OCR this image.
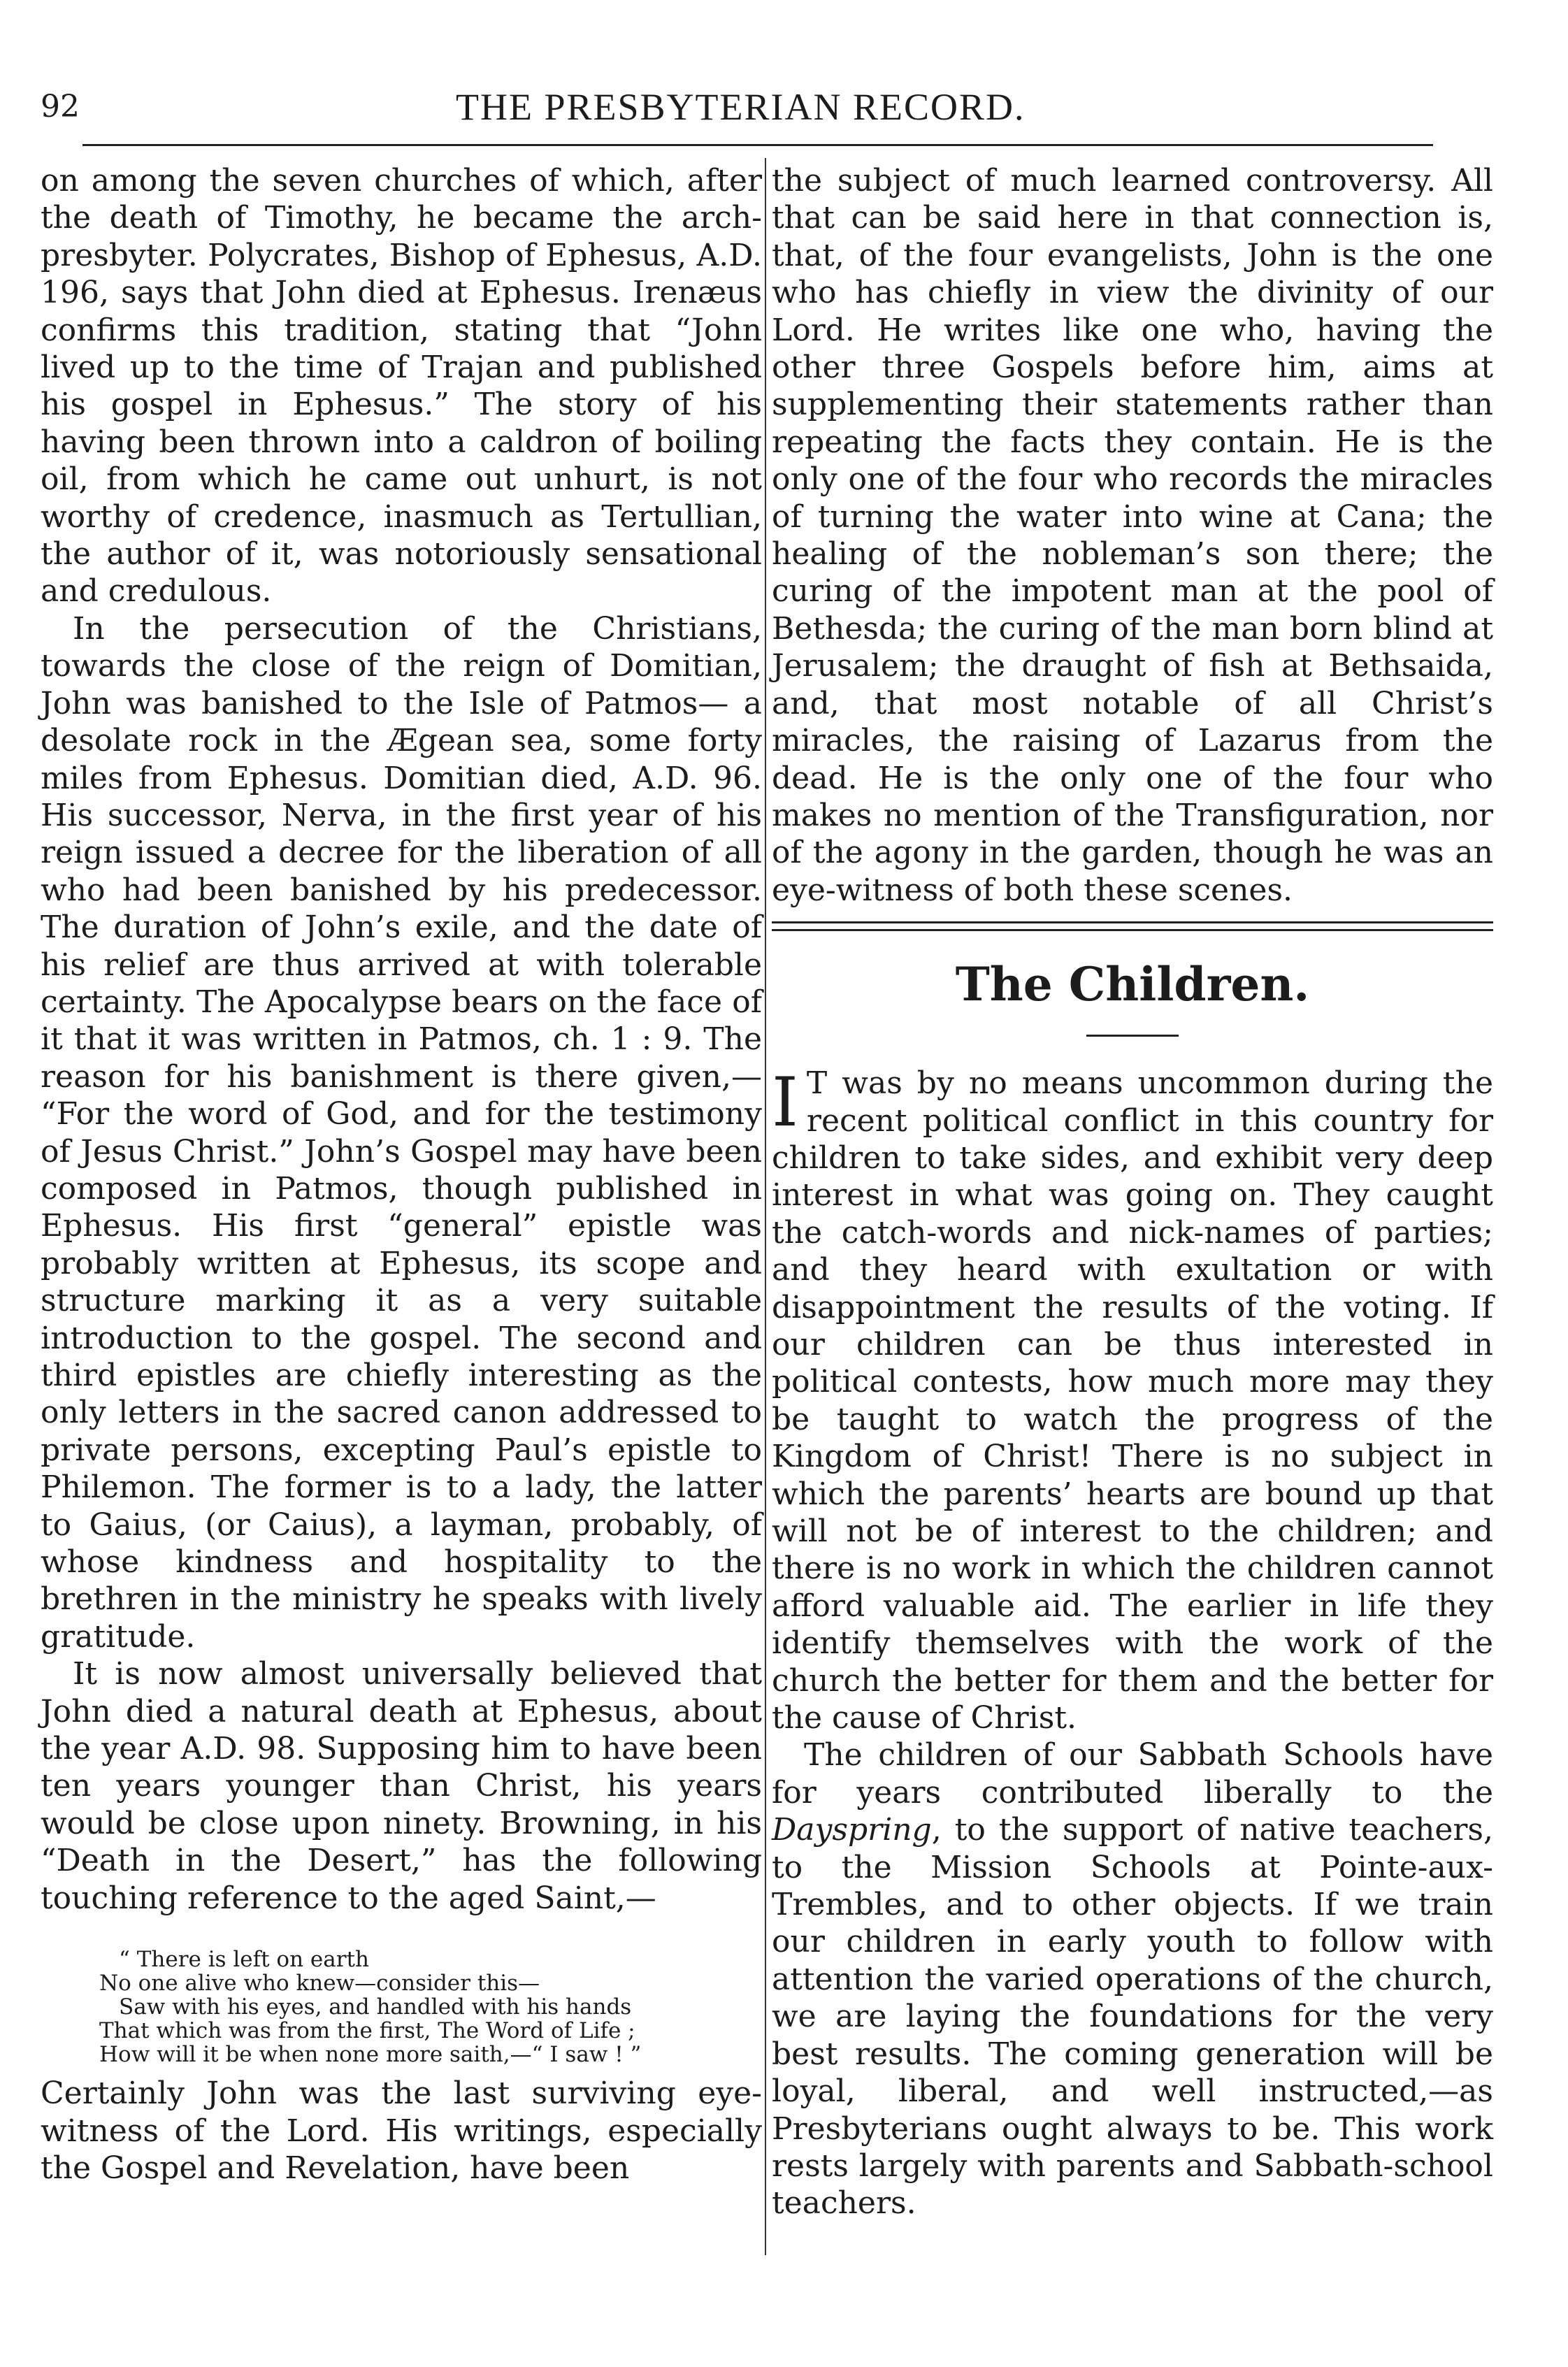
92	THE PRESBYTERIAN RECORD.

on among the seven churches of which, after the death of Timothy, he became the arch-presbyter. Polycrates, Bishop of Ephesus, A.D. 196, says that John died at Ephesus. Irenæus confirms this tradition, stating that “John lived up to the time of Trajan and published his gospel in Ephesus.” The story of his having been thrown into a caldron of boiling oil, from which he came out unhurt, is not worthy of credence, inasmuch as Tertullian, the author of it, was notoriously sensational and credulous.

In the persecution of the Christians, towards the close of the reign of Domitian, John was banished to the Isle of Patmos— a desolate rock in the Ægean sea, some forty miles from Ephesus. Domitian died, A.D. 96. His successor, Nerva, in the first year of his reign issued a decree for the liberation of all who had been banished by his predecessor. The duration of John’s exile, and the date of his relief are thus arrived at with tolerable certainty. The Apocalypse bears on the face of it that it was written in Patmos, ch. 1 : 9. The reason for his banishment is there given,— “For the word of God, and for the testimony of Jesus Christ.” John’s Gospel may have been composed in Patmos, though published in Ephesus. His first “general” epistle was probably written at Ephesus, its scope and structure marking it as a very suitable introduction to the gospel. The second and third epistles are chiefly interesting as the only letters in the sacred canon addressed to private persons, excepting Paul’s epistle to Philemon. The former is to a lady, the latter to Gaius, (or Caius), a layman, probably, of whose kindness and hospitality to the brethren in the ministry he speaks with lively gratitude.

It is now almost universally believed that John died a natural death at Ephesus, about the year A.D. 98. Supposing him to have been ten years younger than Christ, his years would be close upon ninety. Browning, in his “Death in the Desert,” has the following touching reference to the aged Saint,—

“ There is left on earth
No one alive who knew—consider this—
Saw with his eyes, and handled with his hands
That which was from the first, The Word of Life ;
How will it be when none more saith,—“ I saw ! ”

Certainly John was the last surviving eye-witness of the Lord. His writings, especially the Gospel and Revelation, have been

the subject of much learned controversy. All that can be said here in that connection is, that, of the four evangelists, John is the one who has chiefly in view the divinity of our Lord. He writes like one who, having the other three Gospels before him, aims at supplementing their statements rather than repeating the facts they contain. He is the only one of the four who records the miracles of turning the water into wine at Cana; the healing of the nobleman’s son there; the curing of the impotent man at the pool of Bethesda; the curing of the man born blind at Jerusalem; the draught of fish at Bethsaida, and, that most notable of all Christ’s miracles, the raising of Lazarus from the dead. He is the only one of the four who makes no mention of the Transfiguration, nor of the agony in the garden, though he was an eye-witness of both these scenes.

The Children.

I T was by no means uncommon during the recent political conflict in this country for children to take sides, and exhibit very deep interest in what was going on. They caught the catch-words and nick-names of parties; and they heard with exultation or with disappointment the results of the voting. If our children can be thus interested in political contests, how much more may they be taught to watch the progress of the Kingdom of Christ! There is no subject in which the parents’ hearts are bound up that will not be of interest to the children; and there is no work in which the children cannot afford valuable aid. The earlier in life they identify themselves with the work of the church the better for them and the better for the cause of Christ.

The children of our Sabbath Schools have for years contributed liberally to the Dayspring, to the support of native teachers, to the Mission Schools at Pointe-aux-Trembles, and to other objects. If we train our children in early youth to follow with attention the varied operations of the church, we are laying the foundations for the very best results. The coming generation will be loyal, liberal, and well instructed,—as Presbyterians ought always to be. This work rests largely with parents and Sabbath-school teachers.
